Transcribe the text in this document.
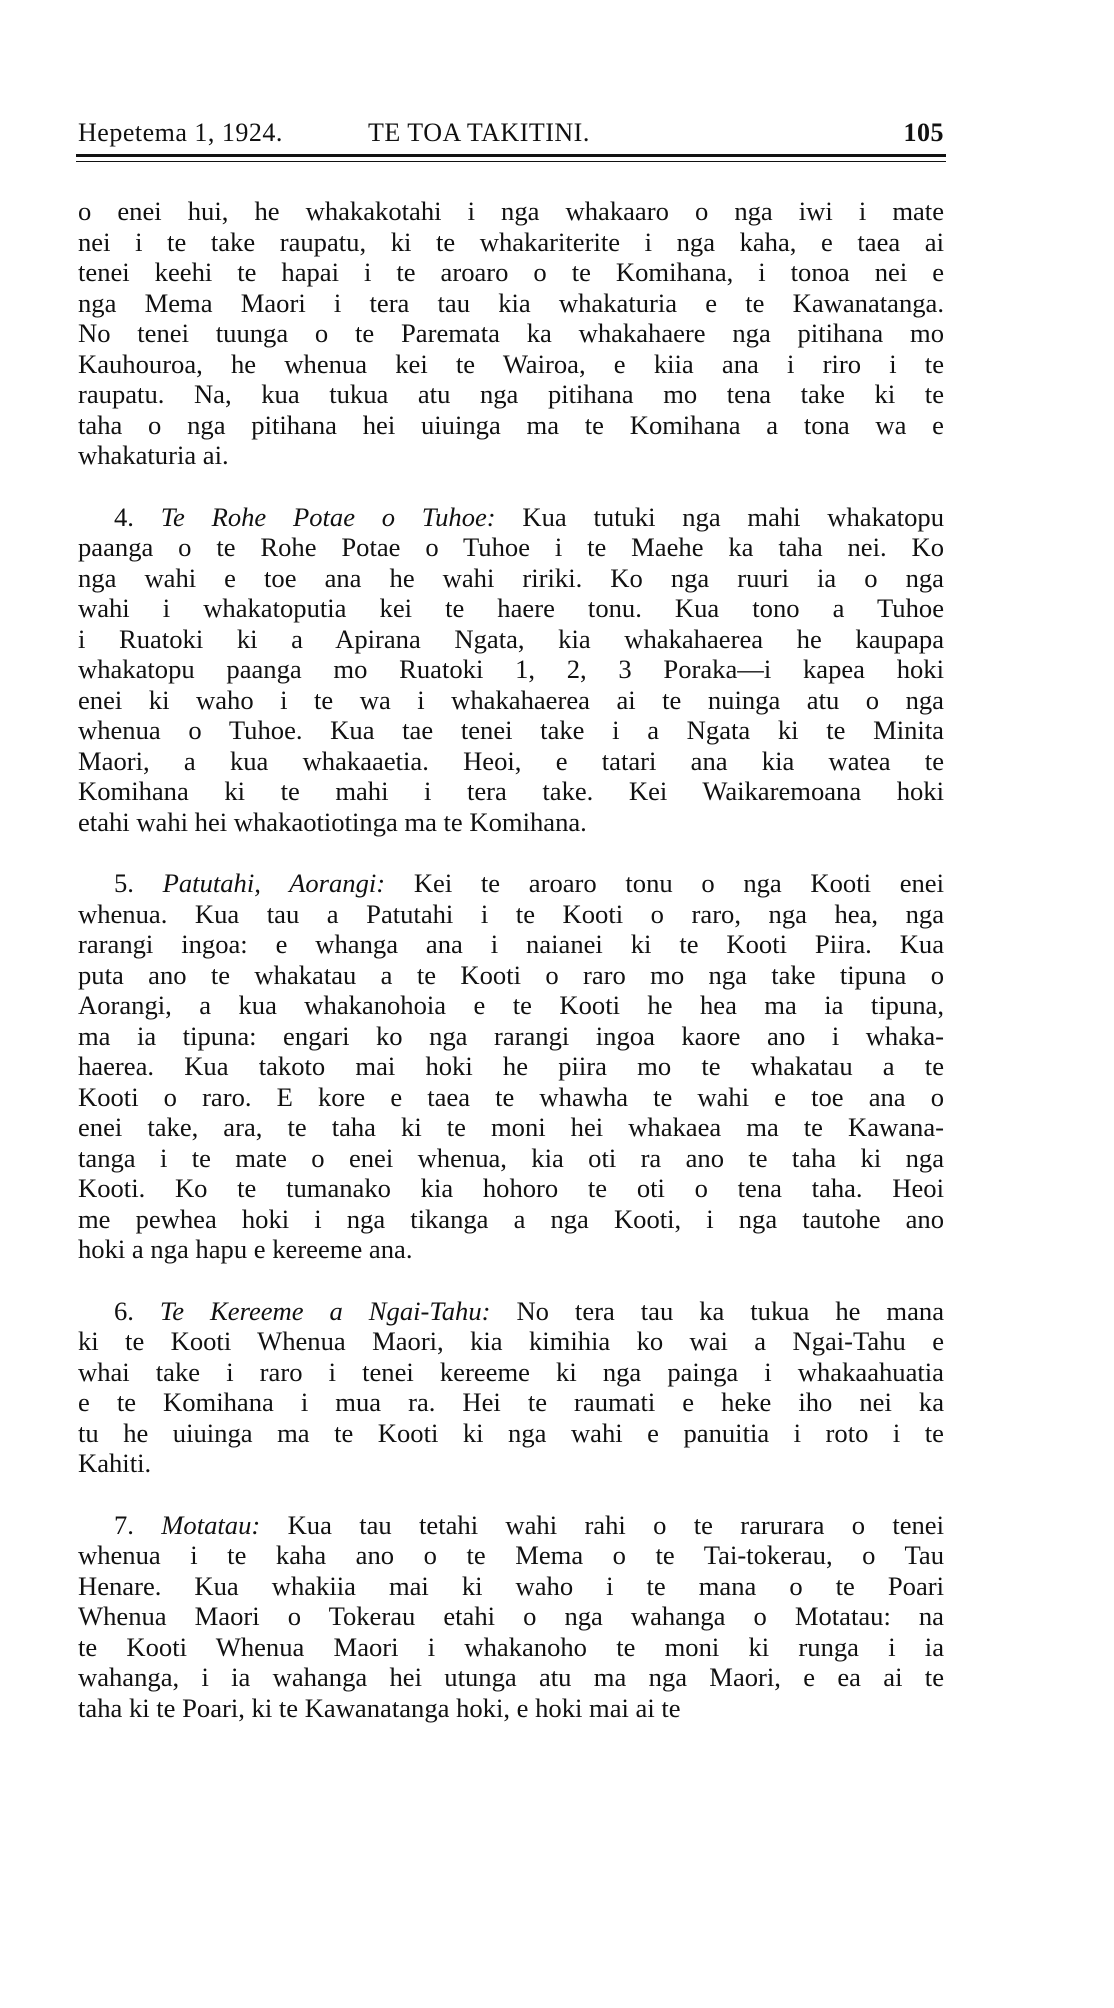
Hepetema 1, 1924.	TE TOA TAKITINI.	105
o enei hui, he whakakotahi i nga whakaaro o nga iwi i mate
nei i te take raupatu, ki te whakariterite i nga kaha, e taea ai
tenei keehi te hapai i te aroaro o te Komihana, i tonoa nei e
nga Mema Maori i tera tau kia whakaturia e te Kawanatanga.
No tenei tuunga o te Paremata ka whakahaere nga pitihana mo
Kauhouroa, he whenua kei te Wairoa, e kiia ana i riro i te
raupatu. Na, kua tukua atu nga pitihana mo tena take ki te
taha o nga pitihana hei uiuinga ma te Komihana a tona wa e
whakaturia ai.
4. Te Rohe Potae o Tuhoe: Kua tutuki nga mahi whakatopu
paanga o te Rohe Potae o Tuhoe i te Maehe ka taha nei. Ko
nga wahi e toe ana he wahi ririki. Ko nga ruuri ia o nga
wahi i whakatoputia kei te haere tonu. Kua tono a Tuhoe
i Ruatoki ki a Apirana Ngata, kia whakahaerea he kaupapa
whakatopu paanga mo Ruatoki 1, 2, 3 Poraka—i kapea hoki
enei ki waho i te wa i whakahaerea ai te nuinga atu o nga
whenua o Tuhoe. Kua tae tenei take i a Ngata ki te Minita
Maori, a kua whakaaetia. Heoi, e tatari ana kia watea te
Komihana ki te mahi i tera take. Kei Waikaremoana hoki
etahi wahi hei whakaotiotinga ma te Komihana.
5. Patutahi, Aorangi: Kei te aroaro tonu o nga Kooti enei
whenua. Kua tau a Patutahi i te Kooti o raro, nga hea, nga
rarangi ingoa: e whanga ana i naianei ki te Kooti Piira. Kua
puta ano te whakatau a te Kooti o raro mo nga take tipuna o
Aorangi, a kua whakanohoia e te Kooti he hea ma ia tipuna,
ma ia tipuna: engari ko nga rarangi ingoa kaore ano i whaka-
haerea. Kua takoto mai hoki he piira mo te whakatau a te
Kooti o raro. E kore e taea te whawha te wahi e toe ana o
enei take, ara, te taha ki te moni hei whakaea ma te Kawana-
tanga i te mate o enei whenua, kia oti ra ano te taha ki nga
Kooti. Ko te tumanako kia hohoro te oti o tena taha. Heoi
me pewhea hoki i nga tikanga a nga Kooti, i nga tautohe ano
hoki a nga hapu e kereeme ana.
6. Te Kereeme a Ngai-Tahu: No tera tau ka tukua he mana
ki te Kooti Whenua Maori, kia kimihia ko wai a Ngai-Tahu e
whai take i raro i tenei kereeme ki nga painga i whakaahuatia
e te Komihana i mua ra. Hei te raumati e heke iho nei ka
tu he uiuinga ma te Kooti ki nga wahi e panuitia i roto i te
Kahiti.
7. Motatau: Kua tau tetahi wahi rahi o te rarurara o tenei
whenua i te kaha ano o te Mema o te Tai-tokerau, o Tau
Henare. Kua whakiia mai ki waho i te mana o te Poari
Whenua Maori o Tokerau etahi o nga wahanga o Motatau: na
te Kooti Whenua Maori i whakanoho te moni ki runga i ia
wahanga, i ia wahanga hei utunga atu ma nga Maori, e ea ai te
taha ki te Poari, ki te Kawanatanga hoki, e hoki mai ai te
